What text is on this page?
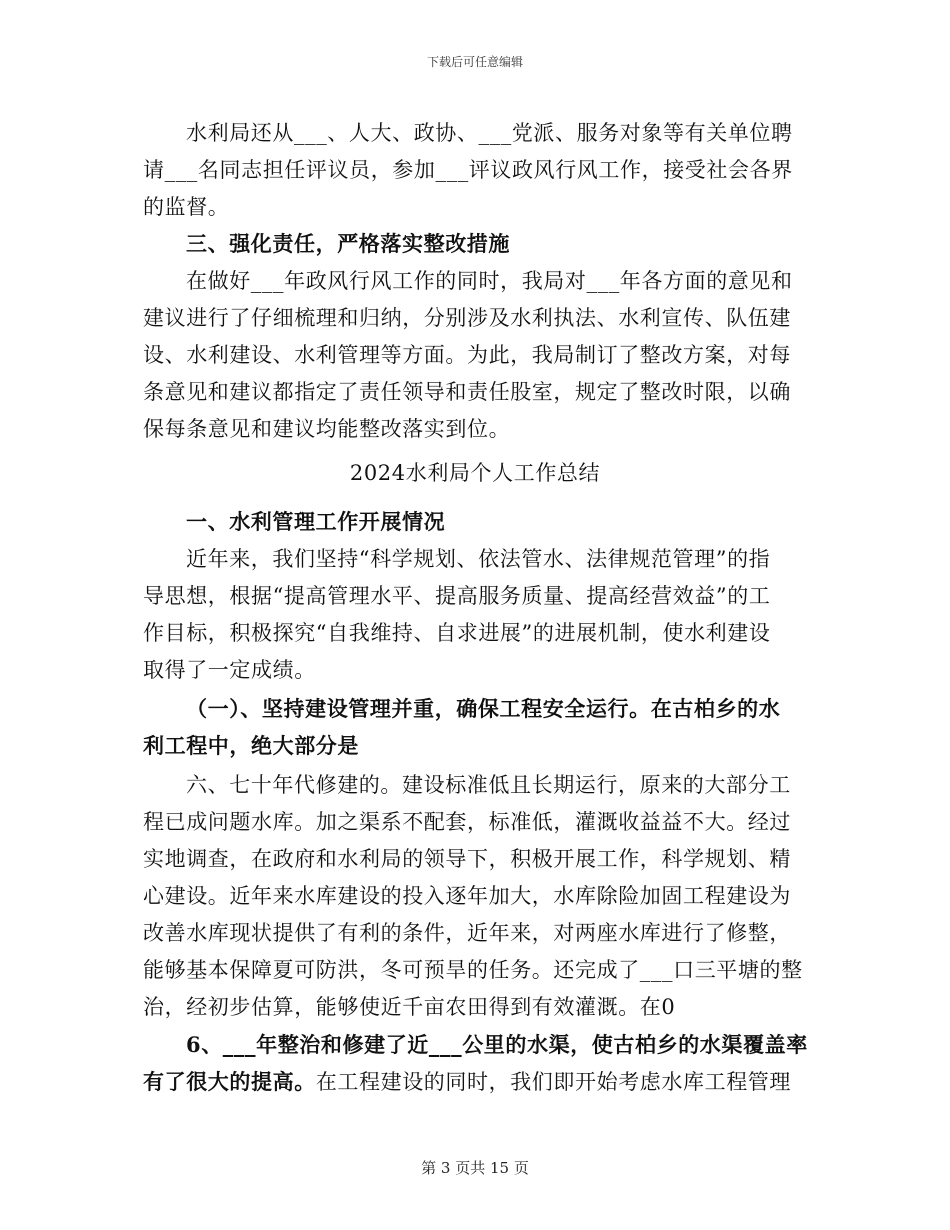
下载后可任意编辑
水利局还从___、人大、政协、___党派、服务对象等有关单位聘
请___名同志担任评议员，参加___评议政风行风工作，接受社会各界
的监督。
三、强化责任，严格落实整改措施
在做好___年政风行风工作的同时，我局对___年各方面的意见和
建议进行了仔细梳理和归纳，分别涉及水利执法、水利宣传、队伍建
设、水利建设、水利管理等方面。为此，我局制订了整改方案，对每
条意见和建议都指定了责任领导和责任股室，规定了整改时限，以确
保每条意见和建议均能整改落实到位。
2024水利局个人工作总结
一、水利管理工作开展情况
近年来，我们坚持“科学规划、依法管水、法律规范管理”的指
导思想，根据“提高管理水平、提高服务质量、提高经营效益”的工
作目标，积极探究“自我维持、自求进展”的进展机制，使水利建设
取得了一定成绩。
（一）、坚持建设管理并重，确保工程安全运行。在古柏乡的水
利工程中，绝大部分是
六、七十年代修建的。建设标准低且长期运行，原来的大部分工
程已成问题水库。加之渠系不配套，标准低，灌溉收益益不大。经过
实地调查，在政府和水利局的领导下，积极开展工作，科学规划、精
心建设。近年来水库建设的投入逐年加大，水库除险加固工程建设为
改善水库现状提供了有利的条件，近年来，对两座水库进行了修整，
能够基本保障夏可防洪，冬可预旱的任务。还完成了___口三平塘的整
治，经初步估算，能够使近千亩农田得到有效灌溉。在0
6、___年整治和修建了近___公里的水渠，使古柏乡的水渠覆盖率
有了很大的提高。在工程建设的同时，我们即开始考虑水库工程管理
第 3 页共 15 页
